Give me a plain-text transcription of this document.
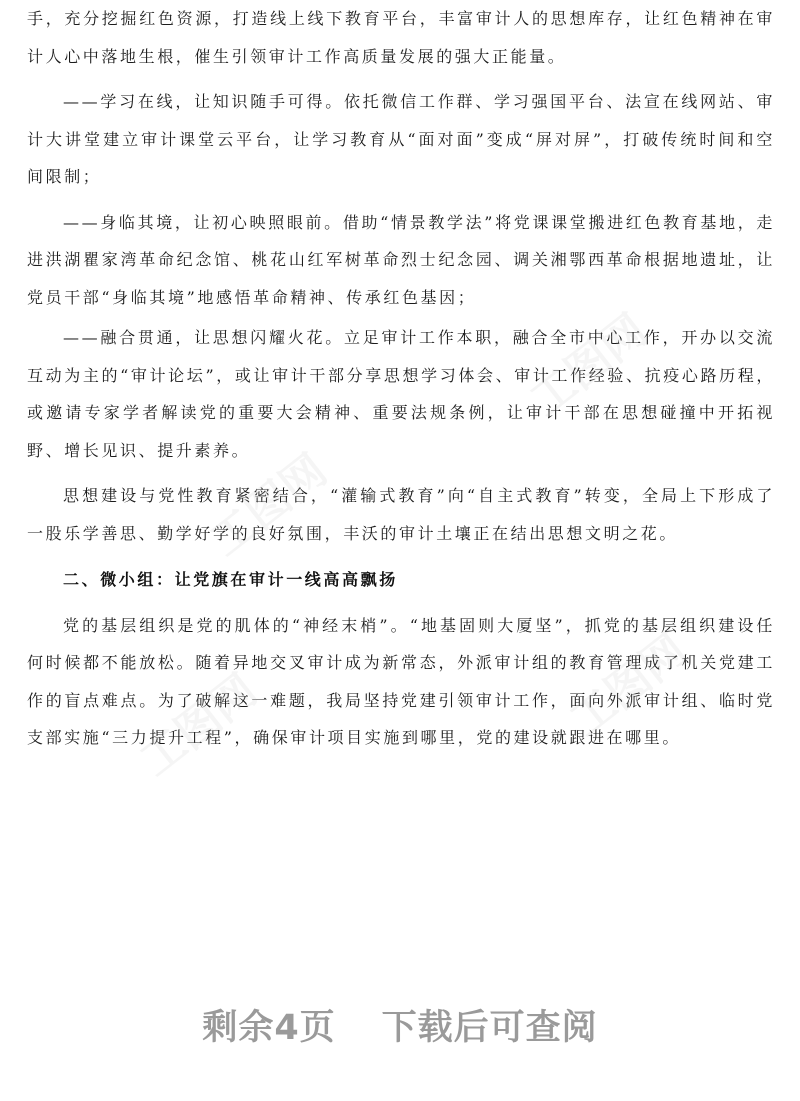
手，充分挖掘红色资源，打造线上线下教育平台，丰富审计人的思想库存，让红色精神在审计人心中落地生根，催生引领审计工作高质量发展的强大正能量。

——学习在线，让知识随手可得。依托微信工作群、学习强国平台、法宣在线网站、审计大讲堂建立审计课堂云平台，让学习教育从“面对面”变成“屏对屏”，打破传统时间和空间限制；

——身临其境，让初心映照眼前。借助“情景教学法”将党课课堂搬进红色教育基地，走进洪湖瞿家湾革命纪念馆、桃花山红军树革命烈士纪念园、调关湘鄂西革命根据地遗址，让党员干部“身临其境”地感悟革命精神、传承红色基因；

——融合贯通，让思想闪耀火花。立足审计工作本职，融合全市中心工作，开办以交流互动为主的“审计论坛”，或让审计干部分享思想学习体会、审计工作经验、抗疫心路历程，或邀请专家学者解读党的重要大会精神、重要法规条例，让审计干部在思想碰撞中开拓视野、增长见识、提升素养。

思想建设与党性教育紧密结合，“灌输式教育”向“自主式教育”转变，全局上下形成了一股乐学善思、勤学好学的良好氛围，丰沃的审计土壤正在结出思想文明之花。

二、微小组：让党旗在审计一线高高飘扬

党的基层组织是党的肌体的“神经末梢”。“地基固则大厦坚”，抓党的基层组织建设任何时候都不能放松。随着异地交叉审计成为新常态，外派审计组的教育管理成了机关党建工作的盲点难点。为了破解这一难题，我局坚持党建引领审计工作，面向外派审计组、临时党支部实施“三力提升工程”，确保审计项目实施到哪里，党的建设就跟进在哪里。

剩余4页 下载后可查阅
工图网
工图网
工图网
工图网
